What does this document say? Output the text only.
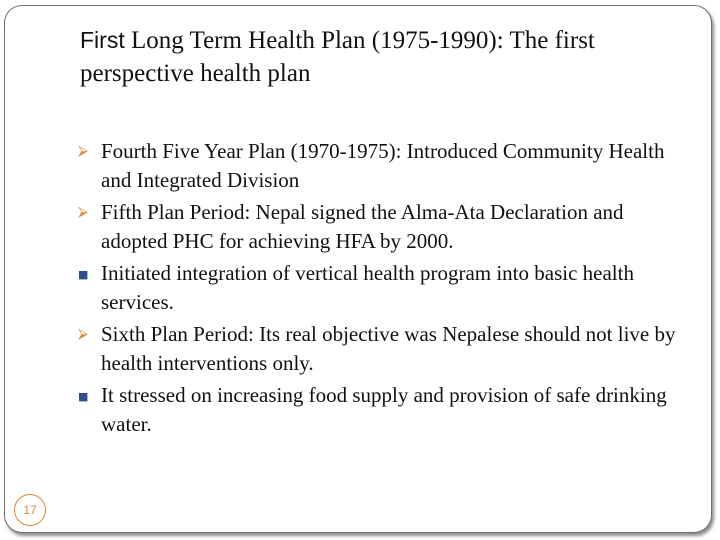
First Long Term Health Plan (1975-1990): The first perspective health plan
⮚ Fourth Five Year Plan (1970-1975): Introduced Community Health and Integrated Division
⮚ Fifth Plan Period: Nepal signed the Alma-Ata Declaration and adopted PHC for achieving HFA by 2000.
■ Initiated integration of vertical health program into basic health services.
⮚ Sixth Plan Period: Its real objective was Nepalese should not live by health interventions only.
■ It stressed on increasing food supply and provision of safe drinking water.
17
